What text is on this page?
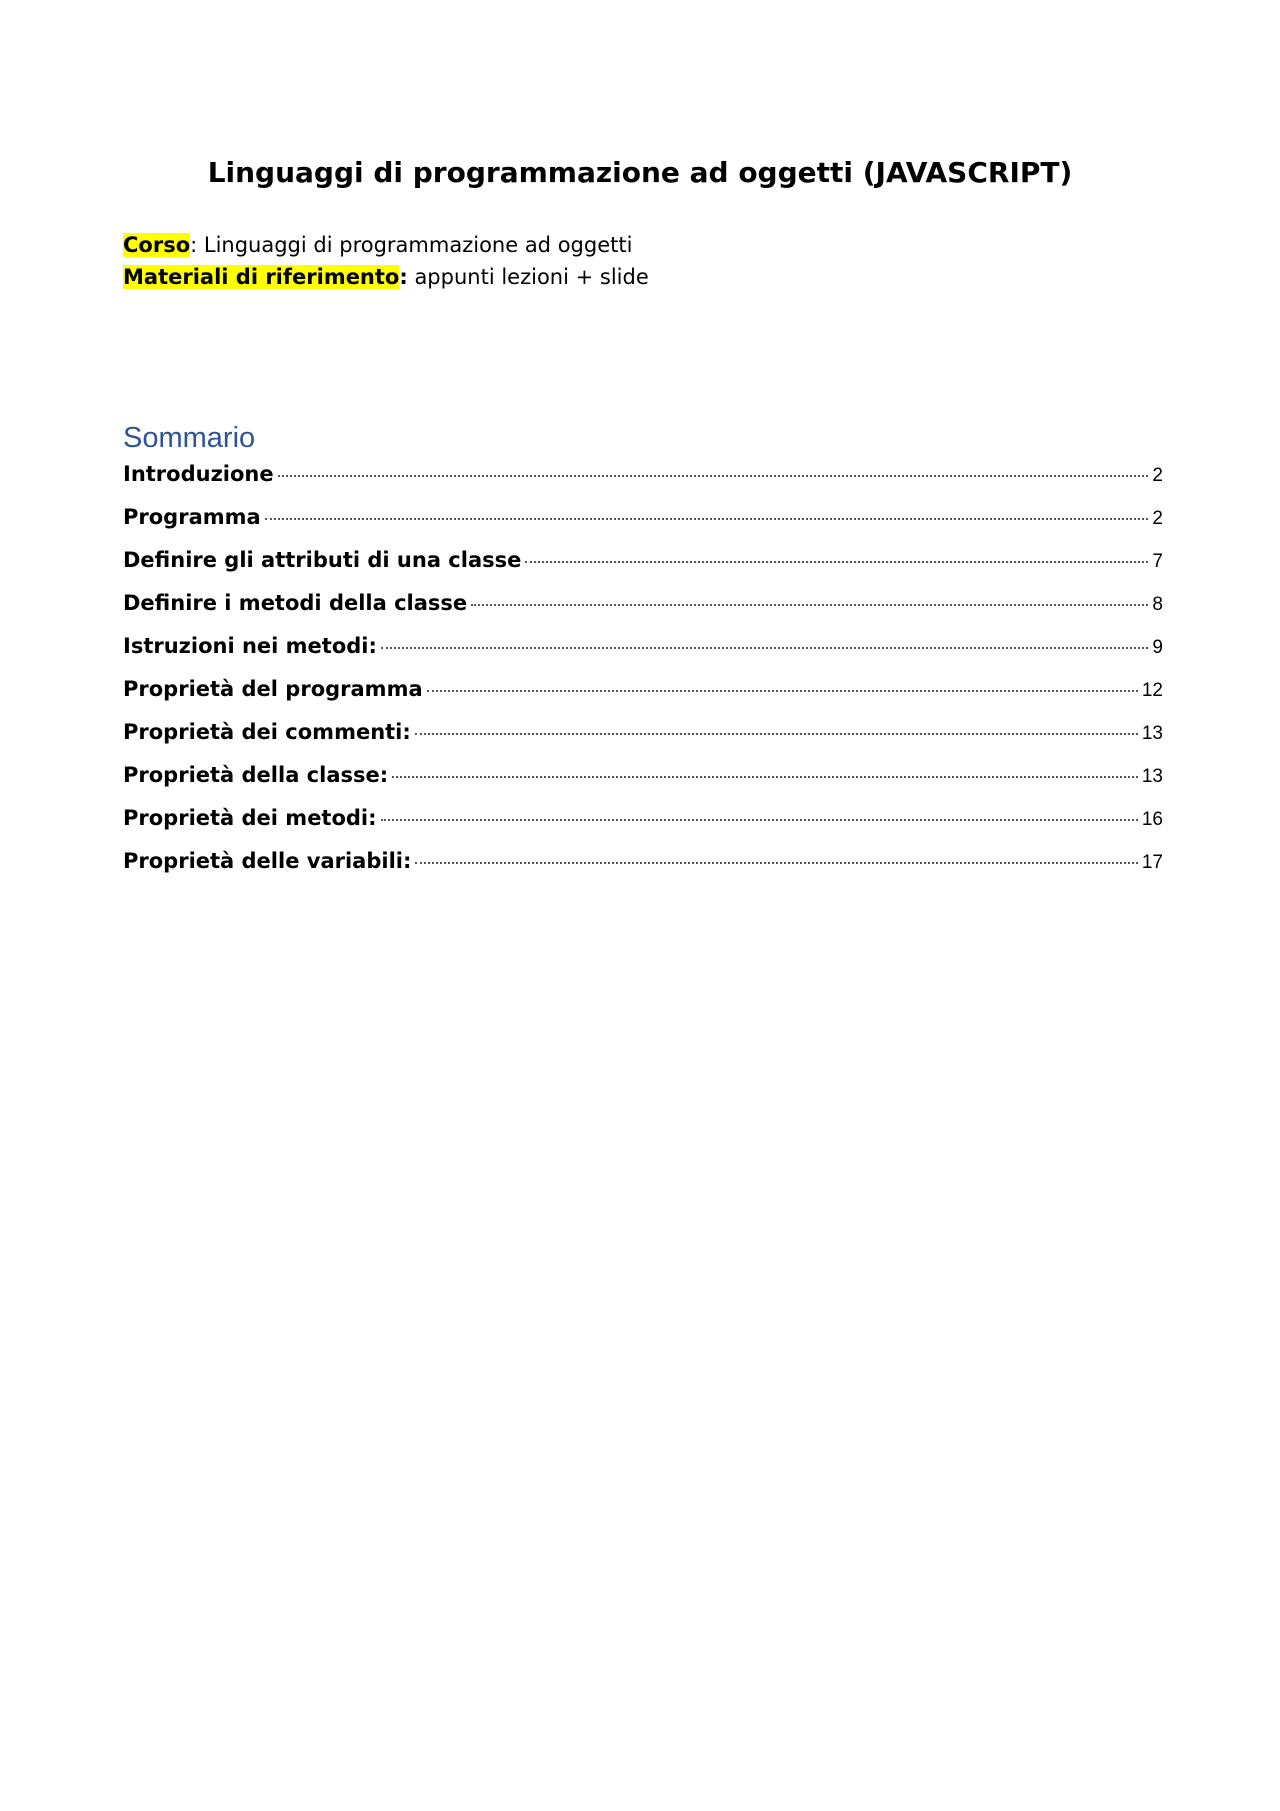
Linguaggi di programmazione ad oggetti (JAVASCRIPT)
Corso: Linguaggi di programmazione ad oggetti
Materiali di riferimento: appunti lezioni + slide
Sommario
Introduzione	2
Programma	2
Definire gli attributi di una classe	7
Definire i metodi della classe	8
Istruzioni nei metodi:	9
Proprietà del programma	12
Proprietà dei commenti:	13
Proprietà della classe:	13
Proprietà dei metodi:	16
Proprietà delle variabili:	17
